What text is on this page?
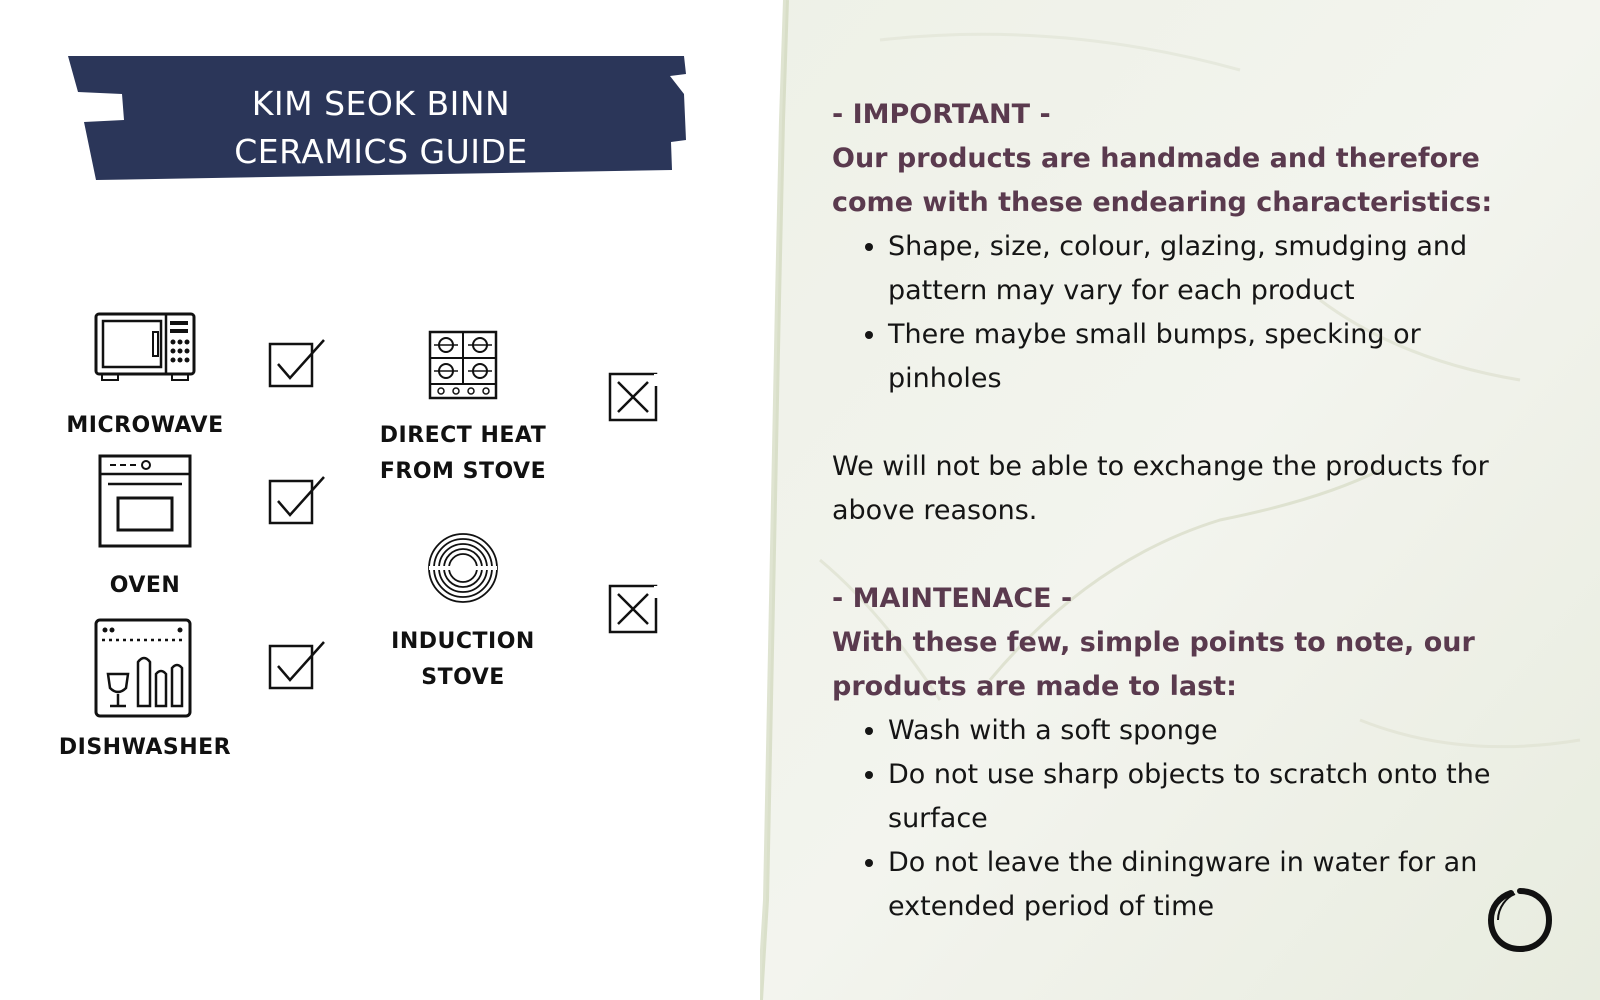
KIM SEOK BINN
CERAMICS GUIDE
MICROWAVE
OVEN
DISHWASHER
DIRECT HEAT
FROM STOVE
INDUCTION
STOVE
- IMPORTANT -
Our products are handmade and therefore come with these endearing characteristics:
• Shape, size, colour, glazing, smudging and pattern may vary for each product
• There maybe small bumps, specking or pinholes
We will not be able to exchange the products for above reasons.
- MAINTENACE -
With these few, simple points to note, our products are made to last:
• Wash with a soft sponge
• Do not use sharp objects to scratch onto the surface
• Do not leave the diningware in water for an extended period of time
